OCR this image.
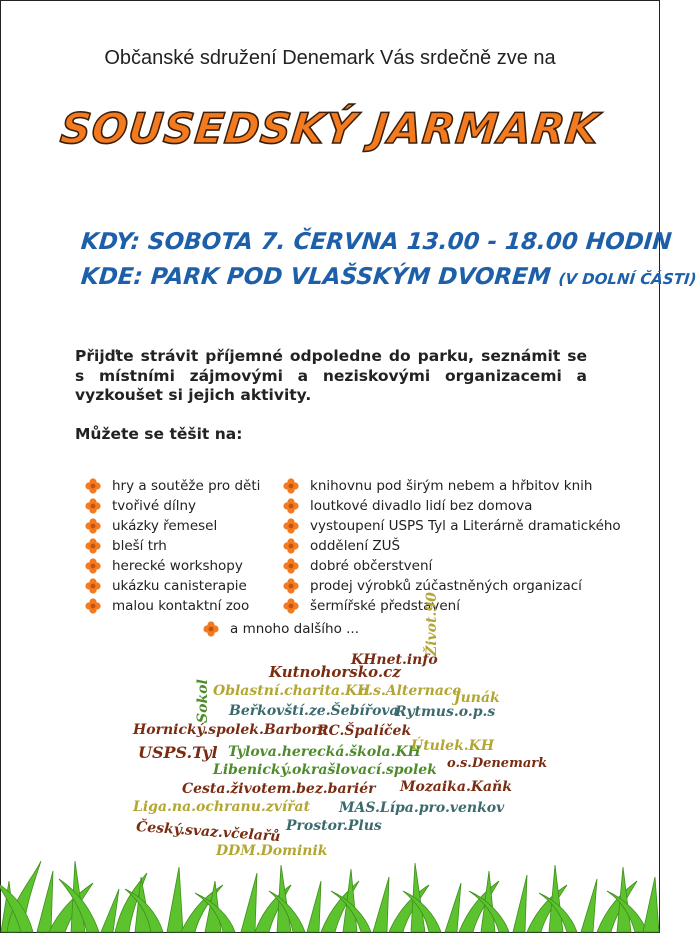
Občanské sdružení Denemark Vás srdečně zve na
SOUSEDSKÝ JARMARK
KDY: SOBOTA 7. ČERVNA 13.00 - 18.00 HODIN
KDE: PARK POD VLAŠSKÝM DVOREM (V DOLNÍ ČÁSTI)
Přijďte strávit příjemné odpoledne do parku, seznámit se s místními zájmovými a neziskovými organizacemi a vyzkoušet si jejich aktivity.
Můžete se těšit na:
hry a soutěže pro děti
tvořivé dílny
ukázky řemesel
bleší trh
herecké workshopy
ukázku canisterapie
malou kontaktní zoo
knihovnu pod širým nebem a hřbitov knih
loutkové divadlo lidí bez domova
vystoupení USPS Tyl a Literárně dramatického
oddělení ZUŠ
dobré občerstvení
prodej výrobků zúčastněných organizací
šermířské představení
a mnoho dalšího ...
KHnet.info
Život.90
Kutnohorsko.cz
Sokol Oblastní.charita.KH
o.s.Alternace
Junák
Beřkovští.ze.Šebířova
Rytmus.o.p.s
Hornický.spolek.Barbora
RC.Špalíček
USPS.Tyl Tylova.herecká.škola.KH
Útulek.KH
Libenický.okrašlovací.spolek o.s.Denemark
Cesta.životem.bez.bariér Mozaika.Kaňk
Liga.na.ochranu.zvířat MAS.Lípa.pro.venkov
Český.svaz.včelařů Prostor.Plus
DDM.Dominik
